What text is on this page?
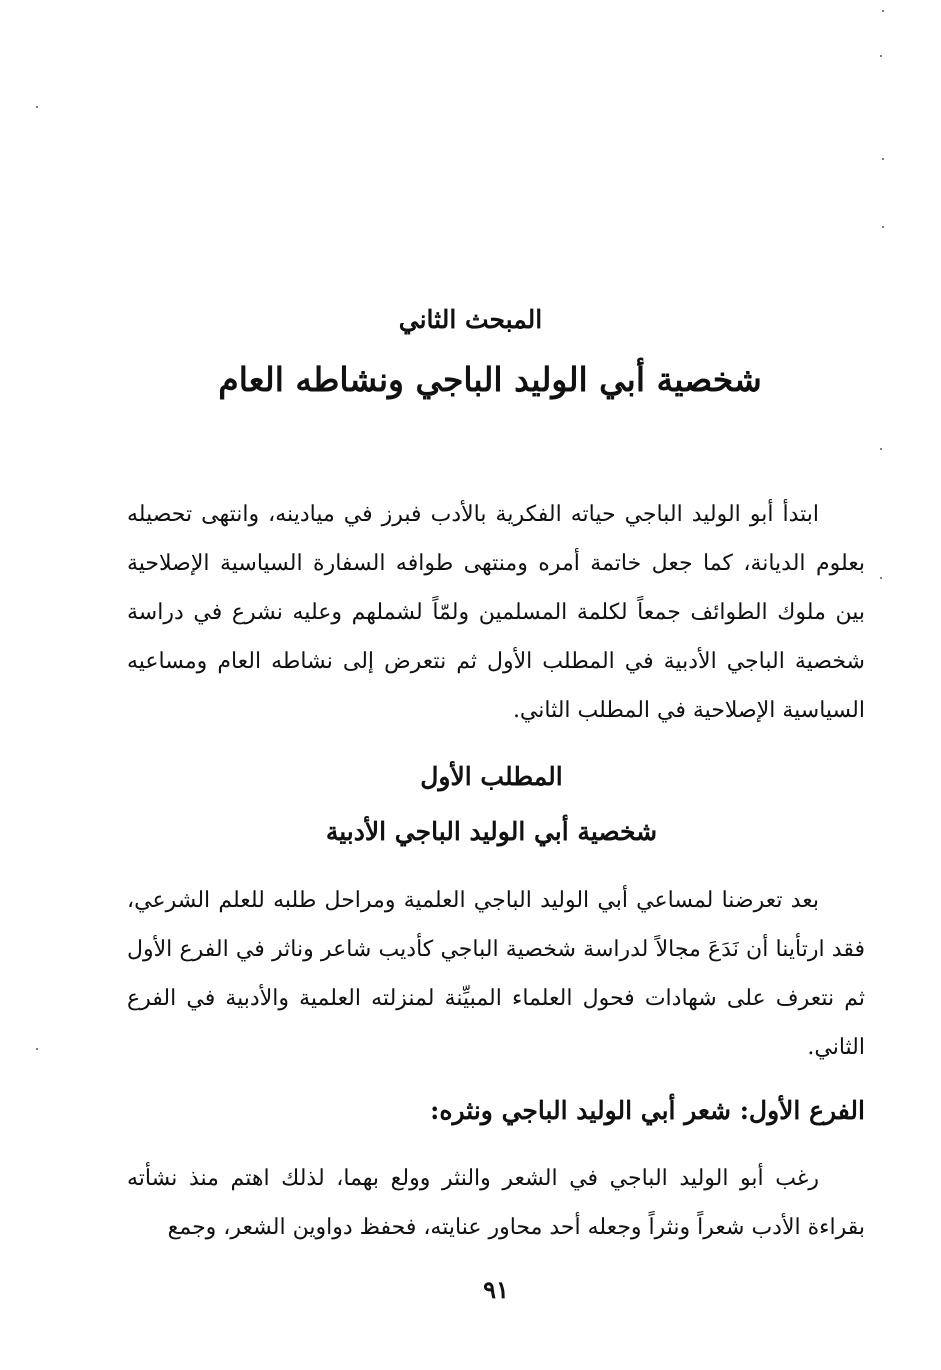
المبحث الثاني
شخصية أبي الوليد الباجي ونشاطه العام

ابتدأ أبو الوليد الباجي حياته الفكرية بالأدب فبرز في ميادينه، وانتهى تحصيله بعلوم الديانة، كما جعل خاتمة أمره ومنتهى طوافه السفارة السياسية الإصلاحية بين ملوك الطوائف جمعاً لكلمة المسلمين ولمّاً لشملهم وعليه نشرع في دراسة شخصية الباجي الأدبية في المطلب الأول ثم نتعرض إلى نشاطه العام ومساعيه السياسية الإصلاحية في المطلب الثاني.

المطلب الأول
شخصية أبي الوليد الباجي الأدبية

بعد تعرضنا لمساعي أبي الوليد الباجي العلمية ومراحل طلبه للعلم الشرعي، فقد ارتأينا أن نَدَعَ مجالاً لدراسة شخصية الباجي كأديب شاعر وناثر في الفرع الأول ثم نتعرف على شهادات فحول العلماء المبيِّنة لمنزلته العلمية والأدبية في الفرع الثاني.

الفرع الأول: شعر أبي الوليد الباجي ونثره:

رغب أبو الوليد الباجي في الشعر والنثر وولع بهما، لذلك اهتم منذ نشأته بقراءة الأدب شعراً ونثراً وجعله أحد محاور عنايته، فحفظ دواوين الشعر، وجمع

٩١
